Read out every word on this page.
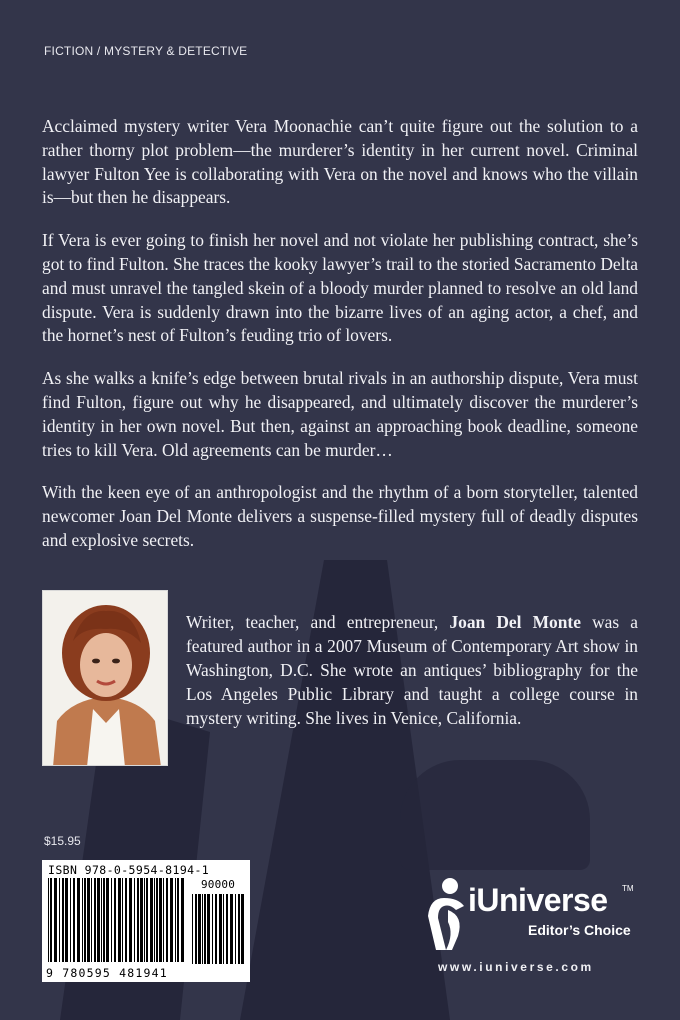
FICTION / MYSTERY & DETECTIVE

Acclaimed mystery writer Vera Moonachie can’t quite figure out the solution to a rather thorny plot problem—the murderer’s identity in her current novel. Criminal lawyer Fulton Yee is collaborating with Vera on the novel and knows who the villain is—but then he disappears.

If Vera is ever going to finish her novel and not violate her publishing contract, she’s got to find Fulton. She traces the kooky lawyer’s trail to the storied Sacramento Delta and must unravel the tangled skein of a bloody murder planned to resolve an old land dispute. Vera is suddenly drawn into the bizarre lives of an aging actor, a chef, and the hornet’s nest of Fulton’s feuding trio of lovers.

As she walks a knife’s edge between brutal rivals in an authorship dispute, Vera must find Fulton, figure out why he disappeared, and ultimately discover the murderer’s identity in her own novel. But then, against an approaching book deadline, someone tries to kill Vera. Old agreements can be murder…

With the keen eye of an anthropologist and the rhythm of a born storyteller, talented newcomer Joan Del Monte delivers a suspense-filled mystery full of deadly disputes and explosive secrets.

Writer, teacher, and entrepreneur, Joan Del Monte was a featured author in a 2007 Museum of Contemporary Art show in Washington, D.C. She wrote an antiques’ bibliography for the Los Angeles Public Library and taught a college course in mystery writing. She lives in Venice, California.
$15.95
ISBN 978-0-5954-8194-1
90000
9 780595 481941
iUniverse TM
Editor’s Choice
www.iuniverse.com
